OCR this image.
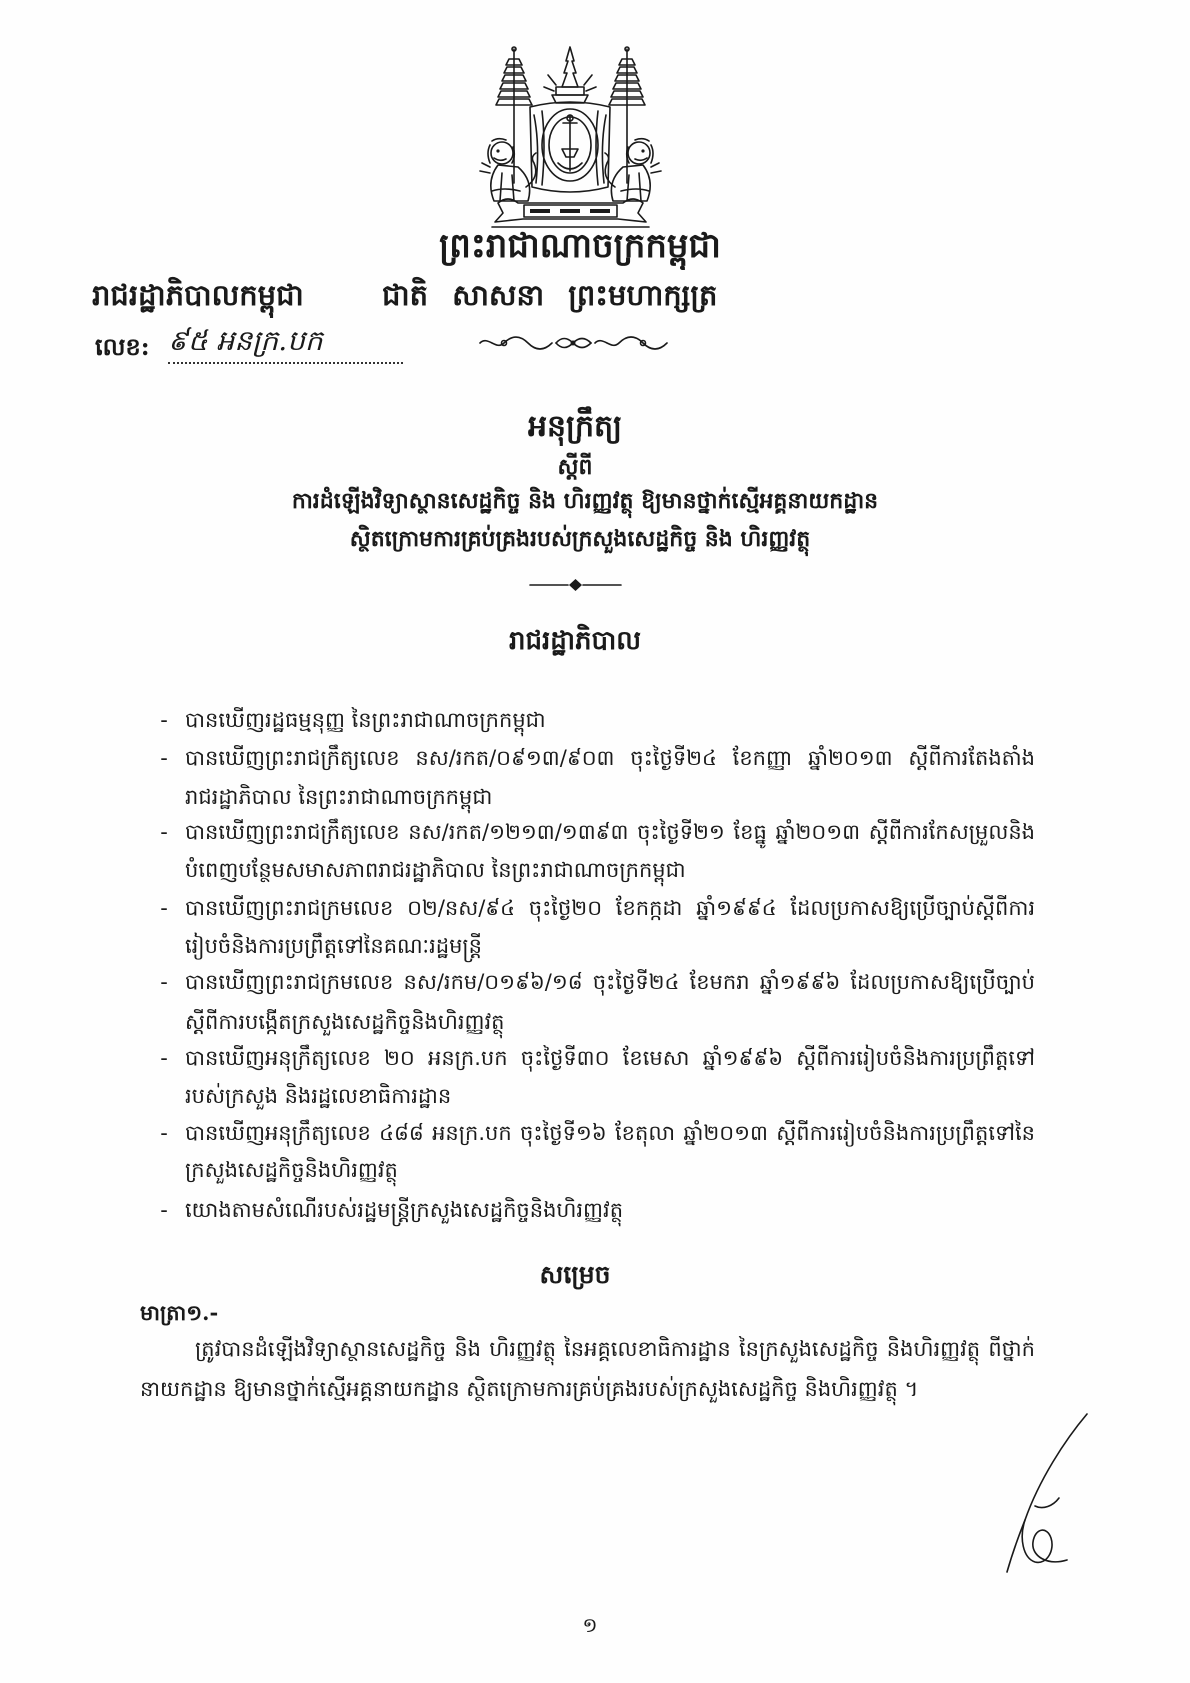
ព្រះរាជាណាចក្រកម្ពុជា
រាជរដ្ឋាភិបាលកម្ពុជា	ជាតិ សាសនា ព្រះមហាក្សត្រ
លេខ: ៩៥ អនក្រ.បក
អនុក្រឹត្យ
ស្តីពី
ការដំឡើងវិទ្យាស្ថានសេដ្ឋកិច្ច និង ហិរញ្ញវត្ថុ ឱ្យមានថ្នាក់ស្មើអគ្គនាយកដ្ឋាន
ស្ថិតក្រោមការគ្រប់គ្រងរបស់ក្រសួងសេដ្ឋកិច្ច និង ហិរញ្ញវត្ថុ
រាជរដ្ឋាភិបាល
- បានឃើញរដ្ឋធម្មនុញ្ញ នៃព្រះរាជាណាចក្រកម្ពុជា
- បានឃើញព្រះរាជក្រឹត្យលេខ នស/រកត/០៩១៣/៩០៣ ចុះថ្ងៃទី២៤ ខែកញ្ញា ឆ្នាំ២០១៣ ស្តីពីការតែងតាំង
រាជរដ្ឋាភិបាល នៃព្រះរាជាណាចក្រកម្ពុជា
- បានឃើញព្រះរាជក្រឹត្យលេខ នស/រកត/១២១៣/១៣៩៣ ចុះថ្ងៃទី២១ ខែធ្នូ ឆ្នាំ២០១៣ ស្តីពីការកែសម្រួលនិង
បំពេញបន្ថែមសមាសភាពរាជរដ្ឋាភិបាល នៃព្រះរាជាណាចក្រកម្ពុជា
- បានឃើញព្រះរាជក្រមលេខ ០២/នស/៩៤ ចុះថ្ងៃ២០ ខែកក្កដា ឆ្នាំ១៩៩៤ ដែលប្រកាសឱ្យប្រើច្បាប់ស្តីពីការ
រៀបចំនិងការប្រព្រឹត្តទៅនៃគណៈរដ្ឋមន្ត្រី
- បានឃើញព្រះរាជក្រមលេខ នស/រកម/០១៩៦/១៨ ចុះថ្ងៃទី២៤ ខែមករា ឆ្នាំ១៩៩៦ ដែលប្រកាសឱ្យប្រើច្បាប់
ស្តីពីការបង្កើតក្រសួងសេដ្ឋកិច្ចនិងហិរញ្ញវត្ថុ
- បានឃើញអនុក្រឹត្យលេខ ២០ អនក្រ.បក ចុះថ្ងៃទី៣០ ខែមេសា ឆ្នាំ១៩៩៦ ស្តីពីការរៀបចំនិងការប្រព្រឹត្តទៅ
របស់ក្រសួង និងរដ្ឋលេខាធិការដ្ឋាន
- បានឃើញអនុក្រឹត្យលេខ ៤៨៨ អនក្រ.បក ចុះថ្ងៃទី១៦ ខែតុលា ឆ្នាំ២០១៣ ស្តីពីការរៀបចំនិងការប្រព្រឹត្តទៅនៃ
ក្រសួងសេដ្ឋកិច្ចនិងហិរញ្ញវត្ថុ
- យោងតាមសំណើរបស់រដ្ឋមន្ត្រីក្រសួងសេដ្ឋកិច្ចនិងហិរញ្ញវត្ថុ
សម្រេច
មាត្រា១.-
ត្រូវបានដំឡើងវិទ្យាស្ថានសេដ្ឋកិច្ច និង ហិរញ្ញវត្ថុ នៃអគ្គលេខាធិការដ្ឋាន នៃក្រសួងសេដ្ឋកិច្ច និងហិរញ្ញវត្ថុ ពីថ្នាក់
នាយកដ្ឋាន ឱ្យមានថ្នាក់ស្មើអគ្គនាយកដ្ឋាន ស្ថិតក្រោមការគ្រប់គ្រងរបស់ក្រសួងសេដ្ឋកិច្ច និងហិរញ្ញវត្ថុ ។
១
